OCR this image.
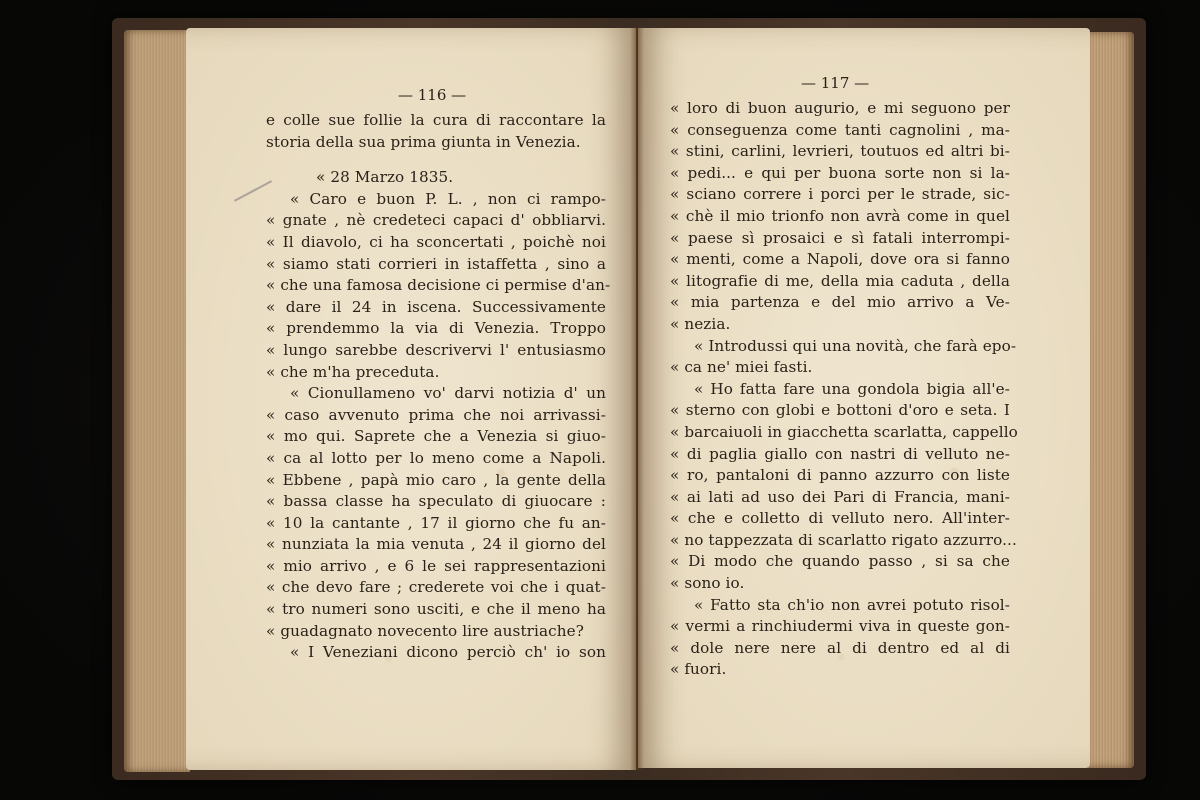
— 116 —
— 117 —
e colle sue follie la cura di raccontare la
storia della sua prima giunta in Venezia.
« 28 Marzo 1835.
« Caro e buon P. L. , non ci rampo-
« gnate , nè credeteci capaci d' obbliarvi.
« Il diavolo, ci ha sconcertati , poichè noi
« siamo stati corrieri in istaffetta , sino a
« che una famosa decisione ci permise d'an-
« dare il 24 in iscena. Successivamente
« prendemmo la via di Venezia. Troppo
« lungo sarebbe descrivervi l' entusiasmo
« che m'ha preceduta.
« Cionullameno vo' darvi notizia d' un
« caso avvenuto prima che noi arrivassi-
« mo qui. Saprete che a Venezia si giuo-
« ca al lotto per lo meno come a Napoli.
« Ebbene , papà mio caro , la gente della
« bassa classe ha speculato di giuocare :
« 10 la cantante , 17 il giorno che fu an-
« nunziata la mia venuta , 24 il giorno del
« mio arrivo , e 6 le sei rappresentazioni
« che devo fare ; crederete voi che i quat-
« tro numeri sono usciti, e che il meno ha
« guadagnato novecento lire austriache?
« I Veneziani dicono perciò ch' io son
« loro di buon augurio, e mi seguono per
« conseguenza come tanti cagnolini , ma-
« stini, carlini, levrieri, toutuos ed altri bi-
« pedi... e qui per buona sorte non si la-
« sciano correre i porci per le strade, sic-
« chè il mio trionfo non avrà come in quel
« paese sì prosaici e sì fatali interrompi-
« menti, come a Napoli, dove ora si fanno
« litografie di me, della mia caduta , della
« mia partenza e del mio arrivo a Ve-
« nezia.
« Introdussi qui una novità, che farà epo-
« ca ne' miei fasti.
« Ho fatta fare una gondola bigia all'e-
« sterno con globi e bottoni d'oro e seta. I
« barcaiuoli in giacchetta scarlatta, cappello
« di paglia giallo con nastri di velluto ne-
« ro, pantaloni di panno azzurro con liste
« ai lati ad uso dei Pari di Francia, mani-
« che e colletto di velluto nero. All'inter-
« no tappezzata di scarlatto rigato azzurro...
« Di modo che quando passo , si sa che
« sono io.
« Fatto sta ch'io non avrei potuto risol-
« vermi a rinchiudermi viva in queste gon-
« dole nere nere al di dentro ed al di
« fuori.
